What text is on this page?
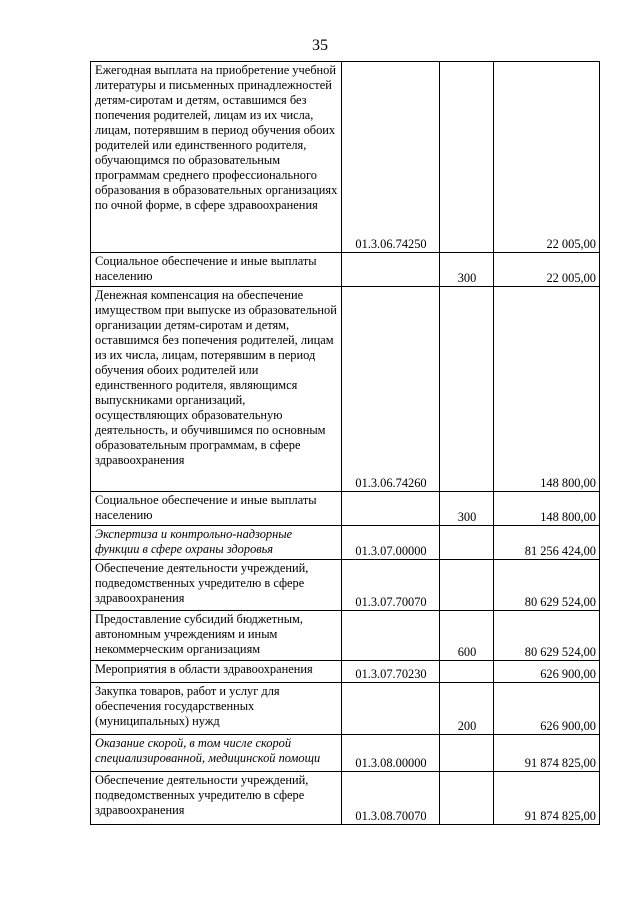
35
Ежегодная выплата на приобретение учебной литературы и письменных принадлежностей детям-сиротам и детям, оставшимся без попечения родителей, лицам из их числа, лицам, потерявшим в период обучения обоих родителей или единственного родителя, обучающимся по образовательным программам среднего профессионального образования в образовательных организациях по очной форме, в сфере здравоохранения	01.3.06.74250		22 005,00
Социальное обеспечение и иные выплаты населению		300	22 005,00
Денежная компенсация на обеспечение имуществом при выпуске из образовательной организации детям-сиротам и детям, оставшимся без попечения родителей, лицам из их числа, лицам, потерявшим в период обучения обоих родителей или единственного родителя, являющимся выпускниками организаций, осуществляющих образовательную деятельность, и обучившимся по основным образовательным программам, в сфере здравоохранения	01.3.06.74260		148 800,00
Социальное обеспечение и иные выплаты населению		300	148 800,00
Экспертиза и контрольно-надзорные функции в сфере охраны здоровья	01.3.07.00000		81 256 424,00
Обеспечение деятельности учреждений, подведомственных учредителю в сфере здравоохранения	01.3.07.70070		80 629 524,00
Предоставление субсидий бюджетным, автономным учреждениям и иным некоммерческим организациям		600	80 629 524,00
Мероприятия в области здравоохранения	01.3.07.70230		626 900,00
Закупка товаров, работ и услуг для обеспечения государственных (муниципальных) нужд		200	626 900,00
Оказание скорой, в том числе скорой специализированной, медицинской помощи	01.3.08.00000		91 874 825,00
Обеспечение деятельности учреждений, подведомственных учредителю в сфере здравоохранения	01.3.08.70070		91 874 825,00
